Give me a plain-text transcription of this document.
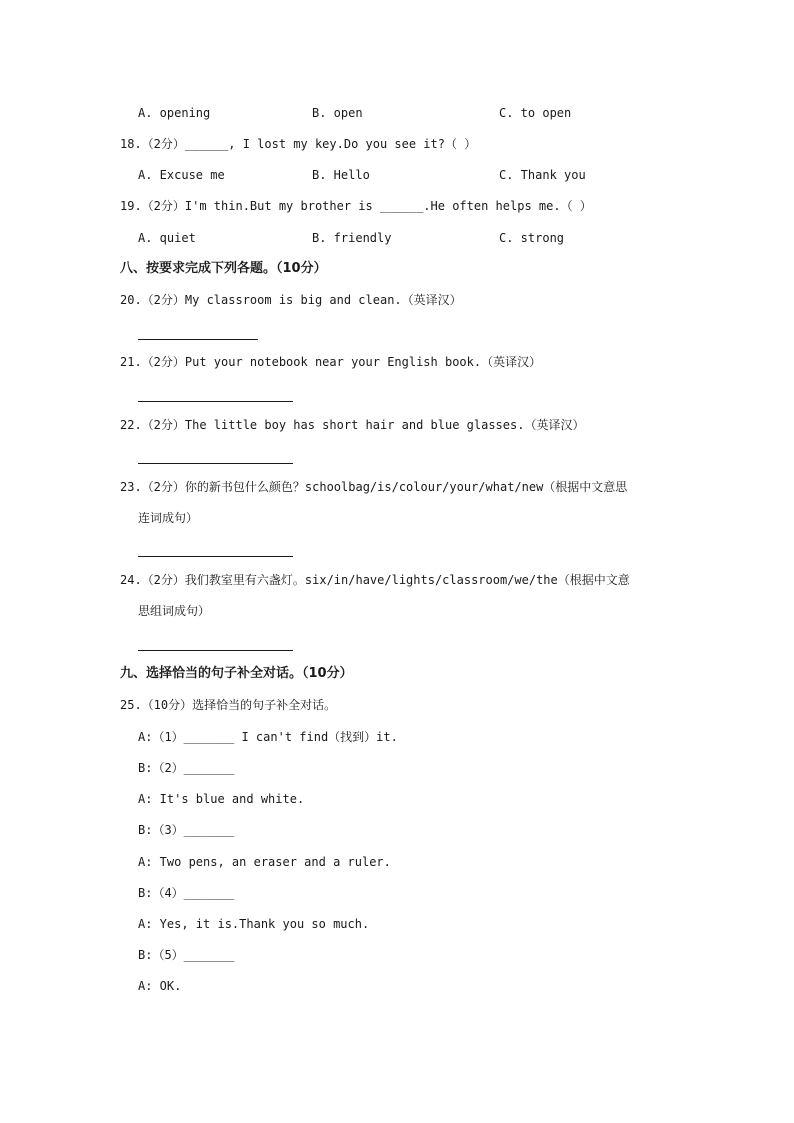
A. opening	B. open	C. to open
18.（2分）______, I lost my key.Do you see it?（ ）
A. Excuse me	B. Hello	C. Thank you
19.（2分）I'm thin.But my brother is ______.He often helps me.（ ）
A. quiet	B. friendly	C. strong
八、按要求完成下列各题。（10分）
20.（2分）My classroom is big and clean.（英译汉）
21.（2分）Put your notebook near your English book.（英译汉）
22.（2分）The little boy has short hair and blue glasses.（英译汉）
23.（2分）你的新书包什么颜色？schoolbag/is/colour/your/what/new（根据中文意思
连词成句）
24.（2分）我们教室里有六盏灯。six/in/have/lights/classroom/we/the（根据中文意
思组词成句）
九、选择恰当的句子补全对话。（10分）
25.（10分）选择恰当的句子补全对话。
A:（1）_______ I can't find（找到）it.
B:（2）_______
A: It's blue and white.
B:（3）_______
A: Two pens, an eraser and a ruler.
B:（4）_______
A: Yes, it is.Thank you so much.
B:（5）_______
A: OK.
